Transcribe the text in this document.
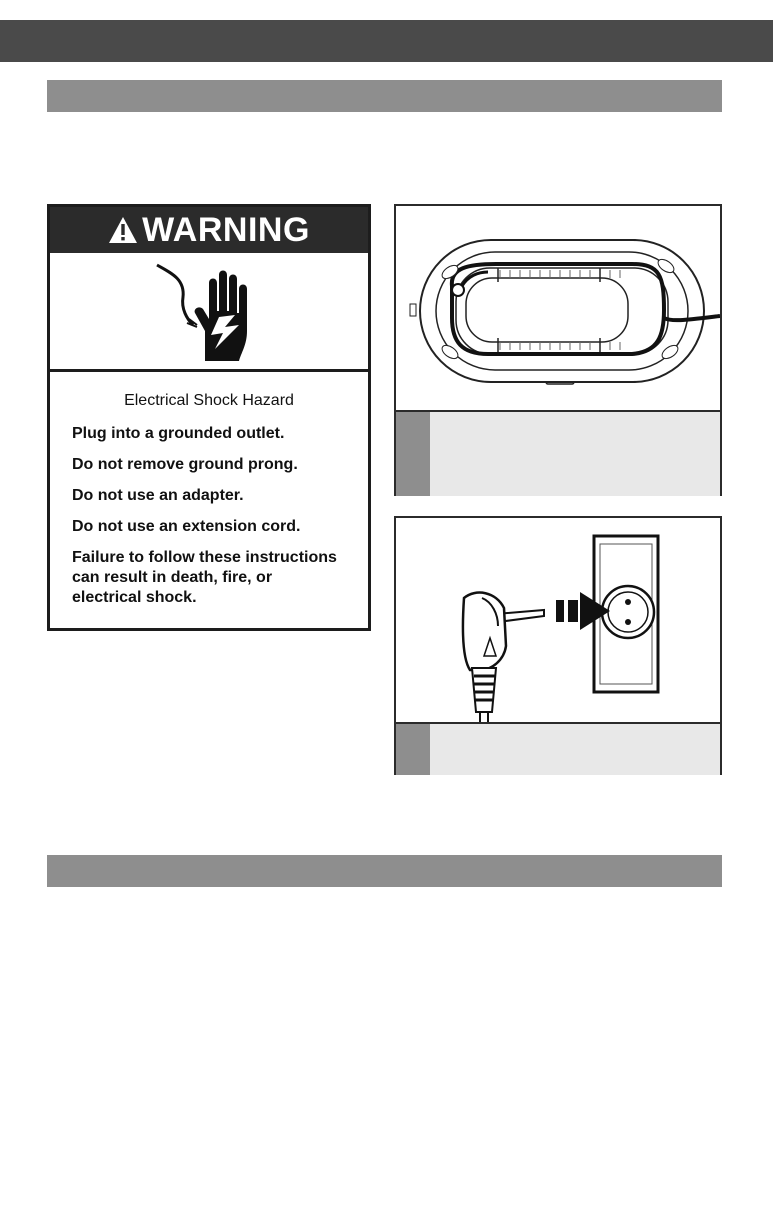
WARNING
Electrical Shock Hazard
Plug into a grounded outlet.
Do not remove ground prong.
Do not use an adapter.
Do not use an extension cord.
Failure to follow these instructions can result in death, fire, or electrical shock.
